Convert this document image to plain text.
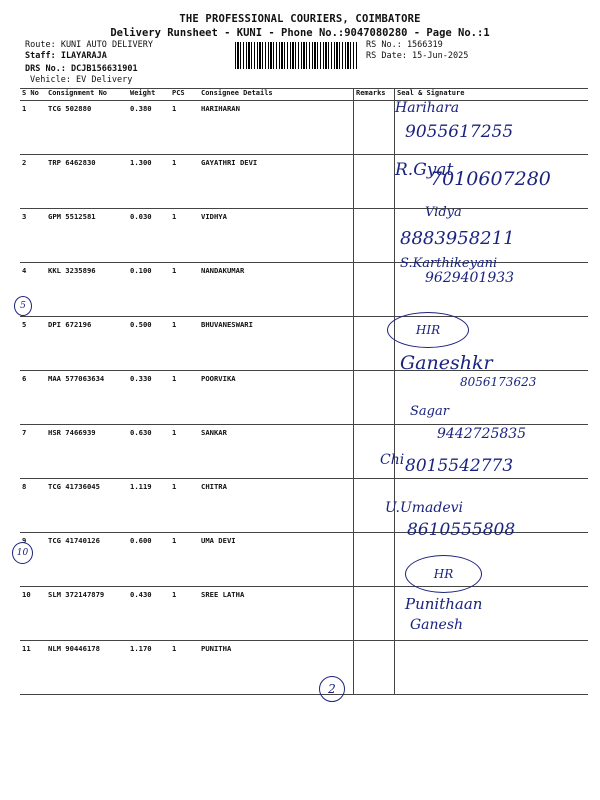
THE PROFESSIONAL COURIERS, COIMBATORE
Delivery Runsheet - KUNI - Phone No.:9047080280 - Page No.:1
Route: KUNI AUTO DELIVERY
Staff: ILAYARAJA
DRS No.: DCJB156631901
Vehicle: EV Delivery
RS No.: 1566319
RS Date: 15-Jun-2025
S No	Consignment No	Weight	PCS	Consignee Details	Remarks	Seal & Signature
1	TCG 502880	0.380	1	HARIHARAN		
2	TRP 6462830	1.300	1	GAYATHRI DEVI		
3	GPM 5512581	0.030	1	VIDHYA		
4	KKL 3235896	0.100	1	NANDAKUMAR		
5	DPI 672196	0.500	1	BHUVANESWARI		
6	MAA 577063634	0.330	1	POORVIKA		
7	HSR 7466939	0.630	1	SANKAR		
8	TCG 41736045	1.119	1	CHITRA		
9	TCG 41740126	0.600	1	UMA DEVI		
10	SLM 372147879	0.430	1	SREE LATHA		
11	NLM 90446178	1.170	1	PUNITHA		
5
10
2
Harihara
9055617255
R.Gyat
7010607280
Vidya
8883958211
S.Karthikeyani
9629401933
HIR
Ganeshkr
8056173623
Sagar
9442725835
Chi 8015542773
U.Umadevi
8610555808
HR
Punithaan
Ganesh
